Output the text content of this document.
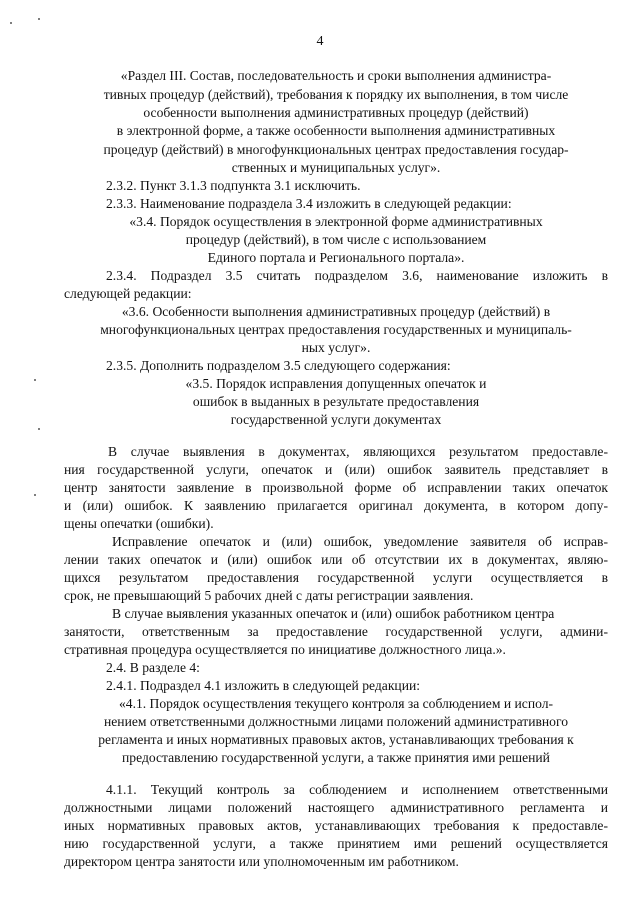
4
«Раздел III. Состав, последовательность и сроки выполнения администра-
тивных процедур (действий), требования к порядку их выполнения, в том числе
особенности выполнения административных процедур (действий)
в электронной форме, а также особенности выполнения административных
процедур (действий) в многофункциональных центрах предоставления государ-
ственных и муниципальных услуг».
2.3.2. Пункт 3.1.3 подпункта 3.1 исключить.
2.3.3. Наименование подраздела 3.4 изложить в следующей редакции:
«3.4. Порядок осуществления в электронной форме административных
процедур (действий), в том числе с использованием
Единого портала и Регионального портала».
2.3.4. Подраздел 3.5 считать подразделом 3.6, наименование изложить в
следующей редакции:
«3.6. Особенности выполнения административных процедур (действий) в
многофункциональных центрах предоставления государственных и муниципаль-
ных услуг».
2.3.5. Дополнить подразделом 3.5 следующего содержания:
«3.5. Порядок исправления допущенных опечаток и
ошибок в выданных в результате предоставления
государственной услуги документах
В случае выявления в документах, являющихся результатом предоставле-
ния государственной услуги, опечаток и (или) ошибок заявитель представляет в
центр занятости заявление в произвольной форме об исправлении таких опечаток
и (или) ошибок. К заявлению прилагается оригинал документа, в котором допу-
щены опечатки (ошибки).
Исправление опечаток и (или) ошибок, уведомление заявителя об исправ-
лении таких опечаток и (или) ошибок или об отсутствии их в документах, являю-
щихся результатом предоставления государственной услуги осуществляется в
срок, не превышающий 5 рабочих дней с даты регистрации заявления.
В случае выявления указанных опечаток и (или) ошибок работником центра
занятости, ответственным за предоставление государственной услуги, админи-
стративная процедура осуществляется по инициативе должностного лица.».
2.4. В разделе 4:
2.4.1. Подраздел 4.1 изложить в следующей редакции:
«4.1. Порядок осуществления текущего контроля за соблюдением и испол-
нением ответственными должностными лицами положений административного
регламента и иных нормативных правовых актов, устанавливающих требования к
предоставлению государственной услуги, а также принятия ими решений
4.1.1. Текущий контроль за соблюдением и исполнением ответственными
должностными лицами положений настоящего административного регламента и
иных нормативных правовых актов, устанавливающих требования к предоставле-
нию государственной услуги, а также принятием ими решений осуществляется
директором центра занятости или уполномоченным им работником.
